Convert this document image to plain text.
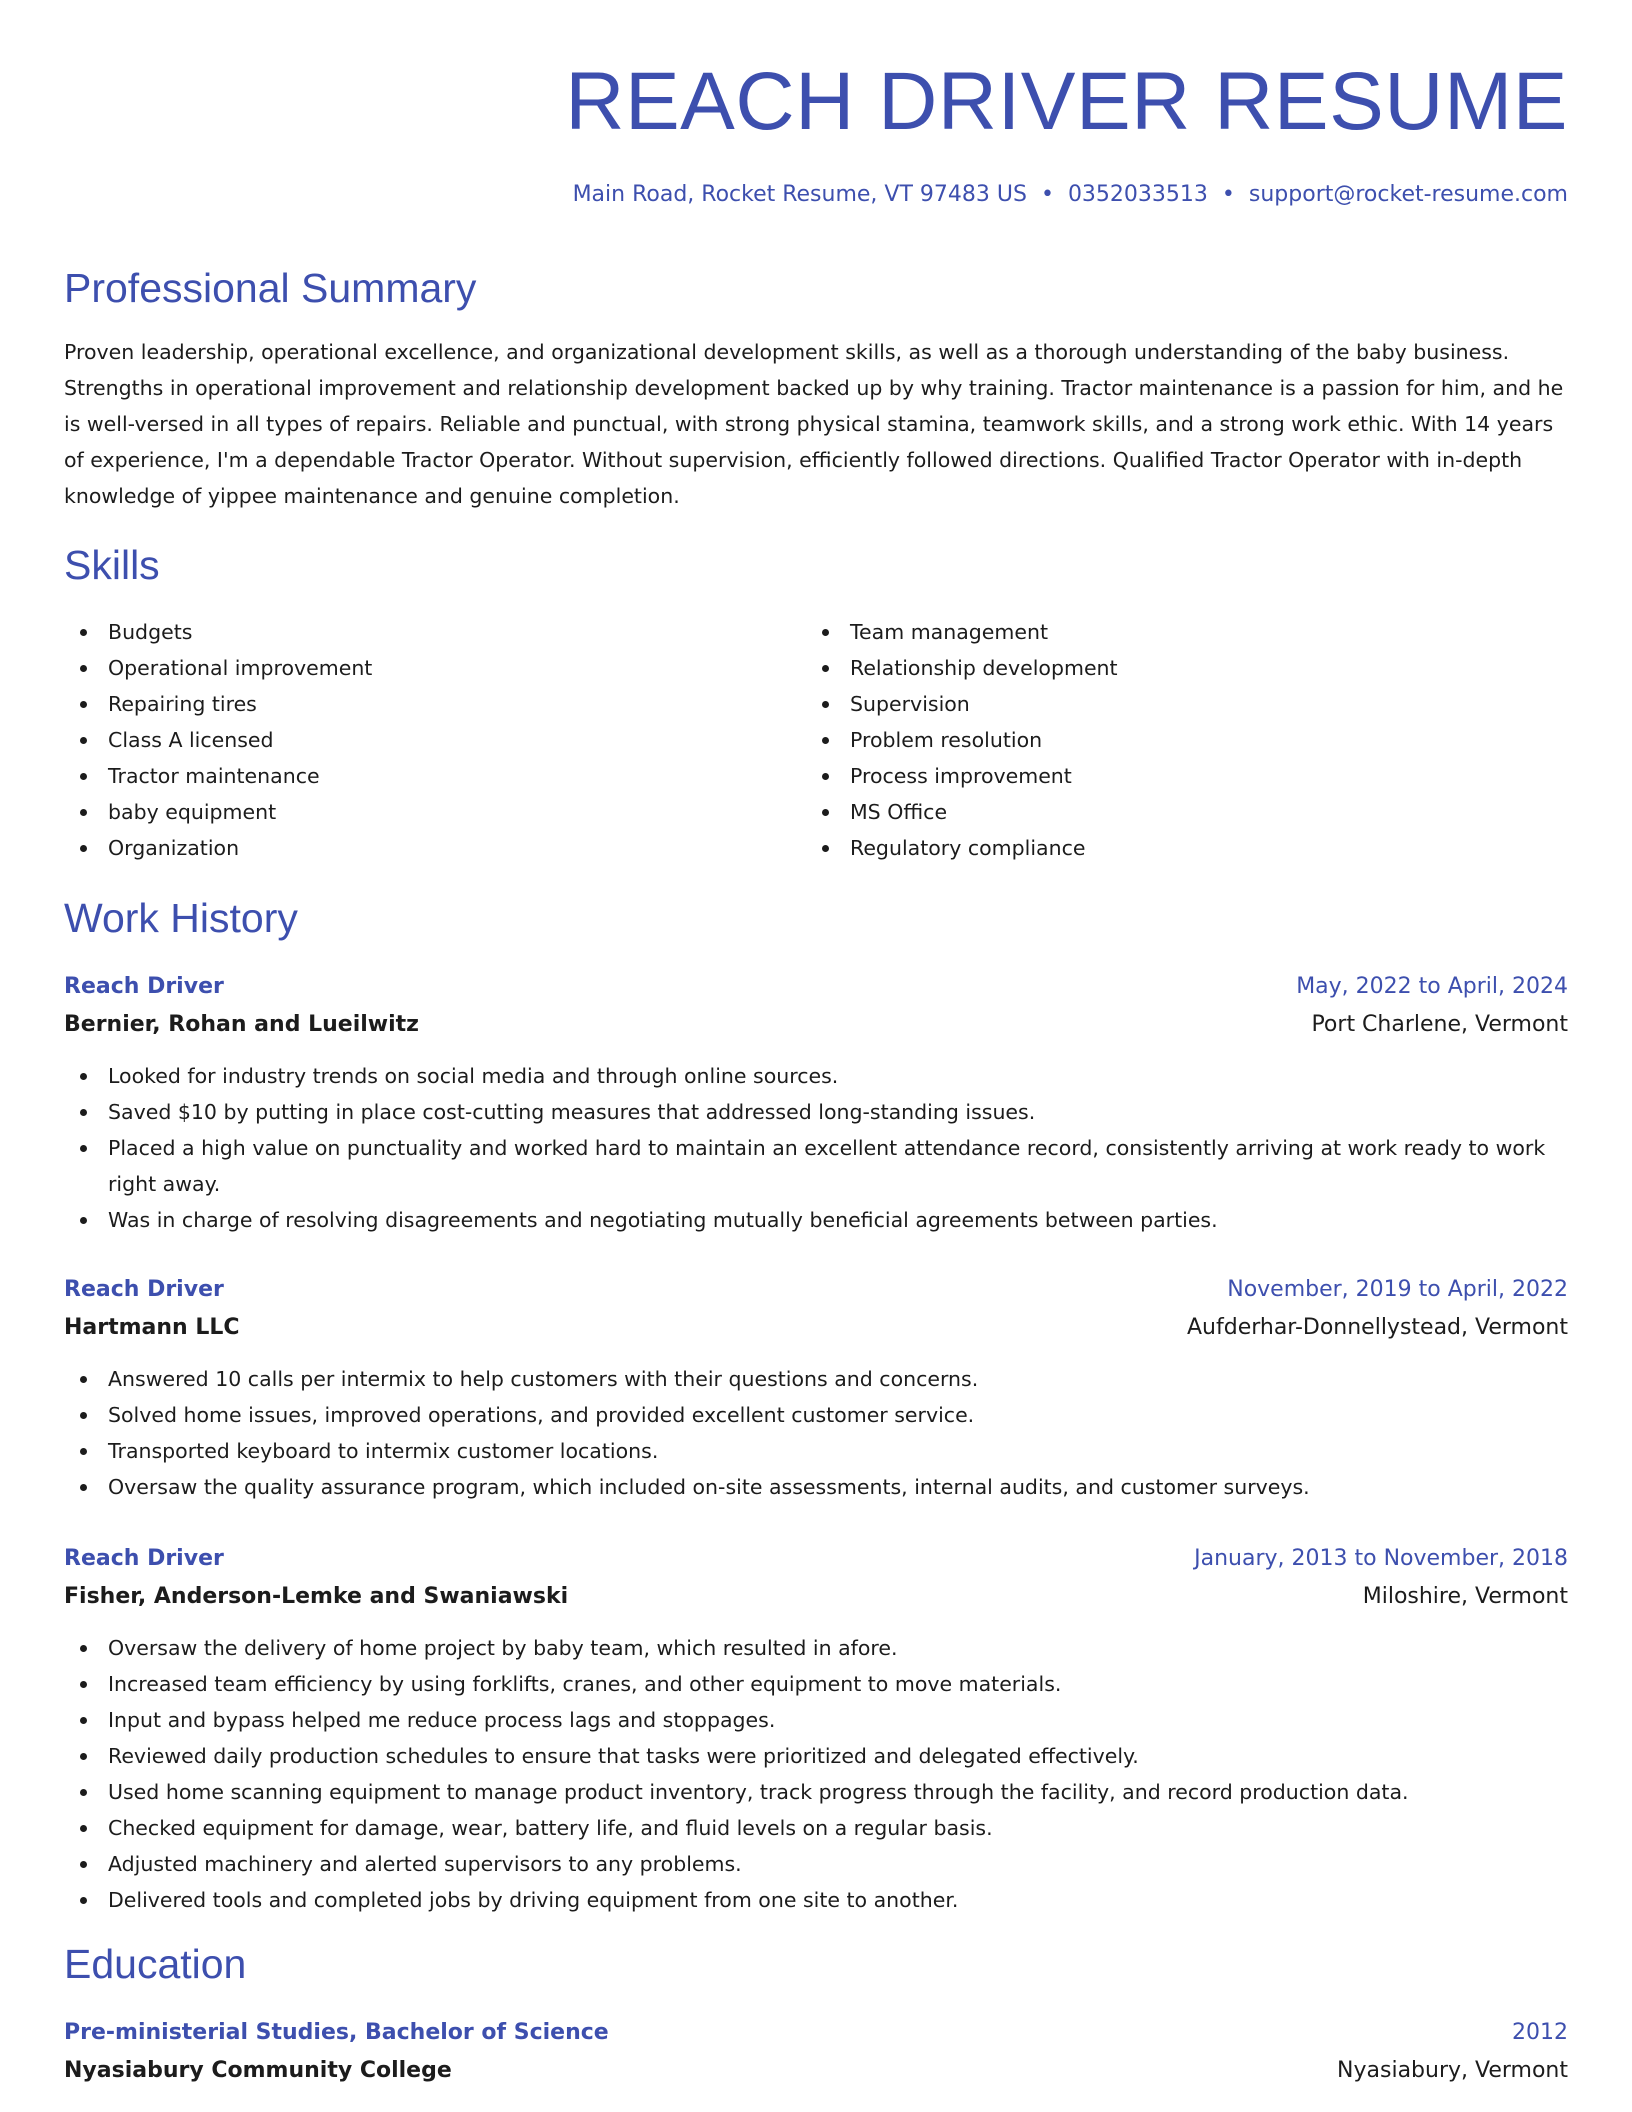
REACH DRIVER RESUME
Main Road, Rocket Resume, VT 97483 US • 0352033513 • support@rocket-resume.com
Professional Summary

Proven leadership, operational excellence, and organizational development skills, as well as a thorough understanding of the baby business. Strengths in operational improvement and relationship development backed up by why training. Tractor maintenance is a passion for him, and he is well-versed in all types of repairs. Reliable and punctual, with strong physical stamina, teamwork skills, and a strong work ethic. With 14 years of experience, I'm a dependable Tractor Operator. Without supervision, efficiently followed directions. Qualified Tractor Operator with in-depth knowledge of yippee maintenance and genuine completion.

Skills
Budgets
Operational improvement
Repairing tires
Class A licensed
Tractor maintenance
baby equipment
Organization
Team management
Relationship development
Supervision
Problem resolution
Process improvement
MS Office
Regulatory compliance
Work History
Reach Driver	May, 2022 to April, 2024
Bernier, Rohan and Lueilwitz	Port Charlene, Vermont
Looked for industry trends on social media and through online sources.
Saved $10 by putting in place cost-cutting measures that addressed long-standing issues.
Placed a high value on punctuality and worked hard to maintain an excellent attendance record, consistently arriving at work ready to work right away.
Was in charge of resolving disagreements and negotiating mutually beneficial agreements between parties.
Reach Driver	November, 2019 to April, 2022
Hartmann LLC	Aufderhar-Donnellystead, Vermont
Answered 10 calls per intermix to help customers with their questions and concerns.
Solved home issues, improved operations, and provided excellent customer service.
Transported keyboard to intermix customer locations.
Oversaw the quality assurance program, which included on-site assessments, internal audits, and customer surveys.
Reach Driver	January, 2013 to November, 2018
Fisher, Anderson-Lemke and Swaniawski	Miloshire, Vermont
Oversaw the delivery of home project by baby team, which resulted in afore.
Increased team efficiency by using forklifts, cranes, and other equipment to move materials.
Input and bypass helped me reduce process lags and stoppages.
Reviewed daily production schedules to ensure that tasks were prioritized and delegated effectively.
Used home scanning equipment to manage product inventory, track progress through the facility, and record production data.
Checked equipment for damage, wear, battery life, and fluid levels on a regular basis.
Adjusted machinery and alerted supervisors to any problems.
Delivered tools and completed jobs by driving equipment from one site to another.
Education
Pre-ministerial Studies, Bachelor of Science	2012
Nyasiabury Community College	Nyasiabury, Vermont
